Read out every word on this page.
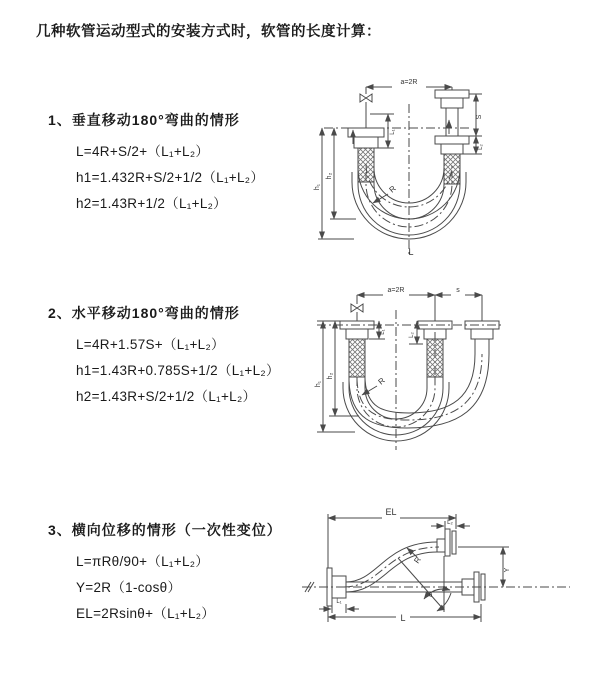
几种软管运动型式的安装方式时，软管的长度计算：
1、垂直移动180°弯曲的情形
L=4R+S/2+（L₁+L₂）
h1=1.432R+S/2+1/2（L₁+L₂）
h2=1.43R+1/2（L₁+L₂）
2、水平移动180°弯曲的情形
L=4R+1.57S+（L₁+L₂）
h1=1.43R+0.785S+1/2（L₁+L₂）
h2=1.43R+S/2+1/2（L₁+L₂）
3、横向位移的情形（一次性变位）
L=πRθ/90+（L₁+L₂）
Y=2R（1-cosθ）
EL=2Rsinθ+（L₁+L₂）
a=2R
S
L₂
L₁
h₁
h₂
R
L
a=2R	s
h₁
h₂
L₁
L₂
R
EL
L₂
Y
R
θ
L
L₁
